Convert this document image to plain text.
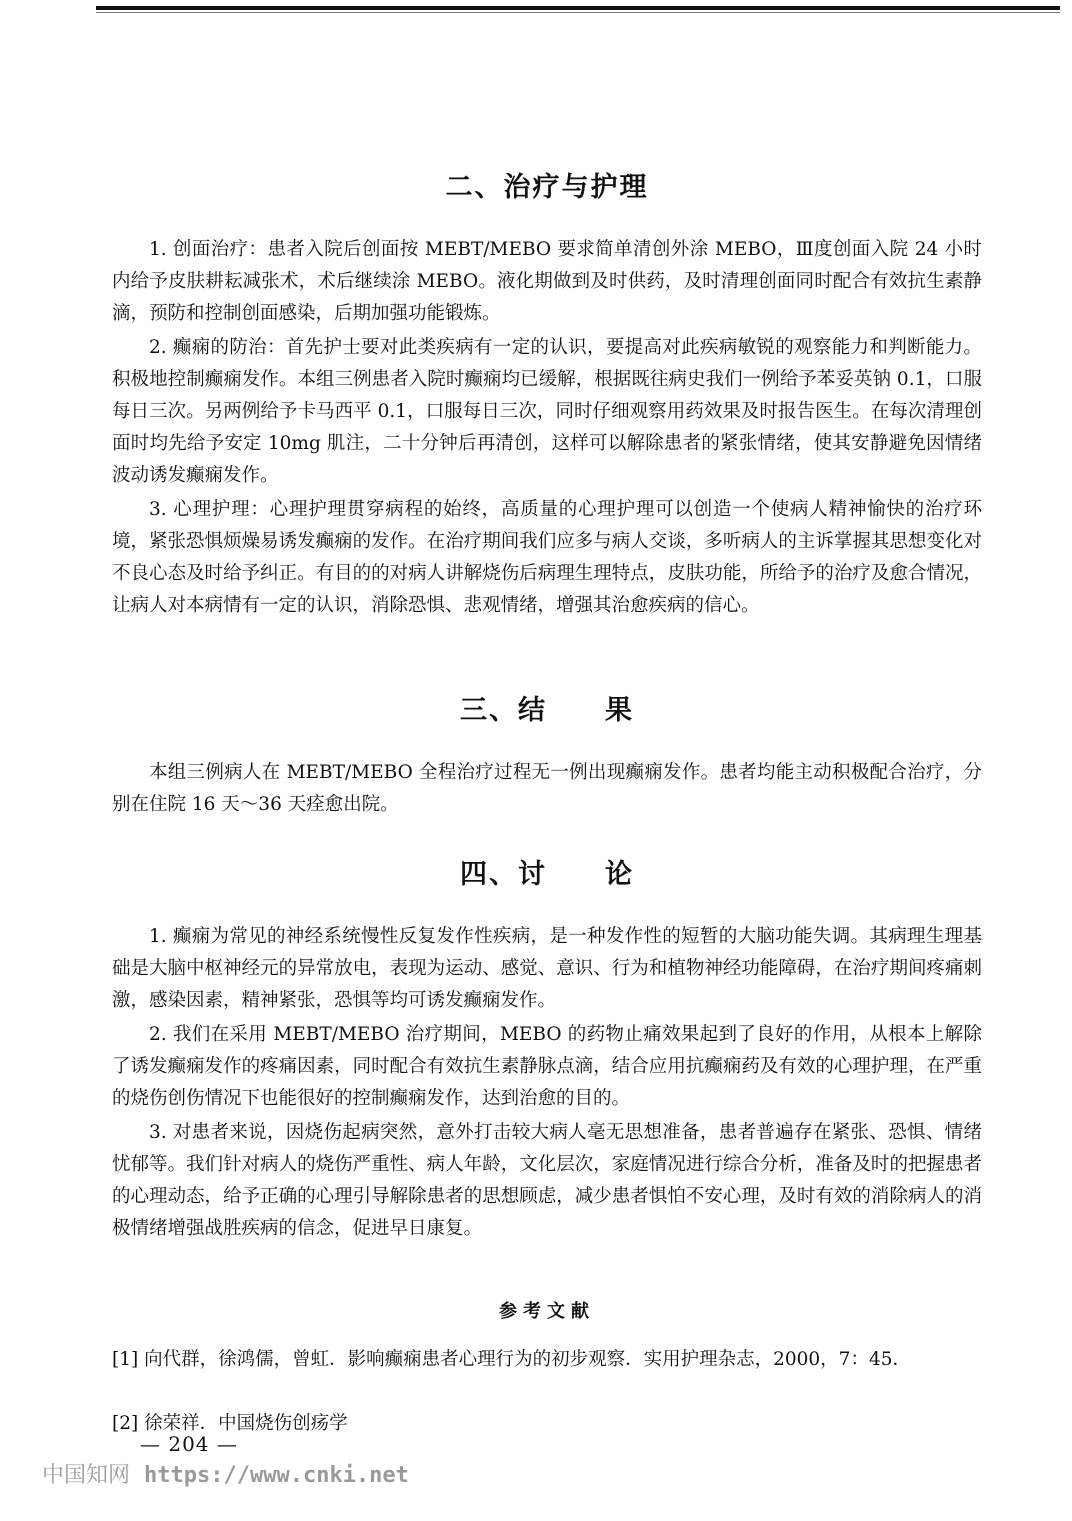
二、治疗与护理

1. 创面治疗：患者入院后创面按 MEBT/MEBO 要求简单清创外涂 MEBO，Ⅲ度创面入院 24 小时内给予皮肤耕耘减张术，术后继续涂 MEBO。液化期做到及时供药，及时清理创面同时配合有效抗生素静滴，预防和控制创面感染，后期加强功能锻炼。

2. 癫痫的防治：首先护士要对此类疾病有一定的认识，要提高对此疾病敏锐的观察能力和判断能力。积极地控制癫痫发作。本组三例患者入院时癫痫均已缓解，根据既往病史我们一例给予苯妥英钠 0.1，口服每日三次。另两例给予卡马西平 0.1，口服每日三次，同时仔细观察用药效果及时报告医生。在每次清理创面时均先给予安定 10mg 肌注，二十分钟后再清创，这样可以解除患者的紧张情绪，使其安静避免因情绪波动诱发癫痫发作。

3. 心理护理：心理护理贯穿病程的始终，高质量的心理护理可以创造一个使病人精神愉快的治疗环境，紧张恐惧烦燥易诱发癫痫的发作。在治疗期间我们应多与病人交谈，多听病人的主诉掌握其思想变化对不良心态及时给予纠正。有目的的对病人讲解烧伤后病理生理特点，皮肤功能，所给予的治疗及愈合情况，让病人对本病情有一定的认识，消除恐惧、悲观情绪，增强其治愈疾病的信心。

三、结　　果

本组三例病人在 MEBT/MEBO 全程治疗过程无一例出现癫痫发作。患者均能主动积极配合治疗，分别在住院 16 天～36 天痊愈出院。

四、讨　　论

1. 癫痫为常见的神经系统慢性反复发作性疾病，是一种发作性的短暂的大脑功能失调。其病理生理基础是大脑中枢神经元的异常放电，表现为运动、感觉、意识、行为和植物神经功能障碍，在治疗期间疼痛刺激，感染因素，精神紧张，恐惧等均可诱发癫痫发作。

2. 我们在采用 MEBT/MEBO 治疗期间，MEBO 的药物止痛效果起到了良好的作用，从根本上解除了诱发癫痫发作的疼痛因素，同时配合有效抗生素静脉点滴，结合应用抗癫痫药及有效的心理护理，在严重的烧伤创伤情况下也能很好的控制癫痫发作，达到治愈的目的。

3. 对患者来说，因烧伤起病突然，意外打击较大病人毫无思想准备，患者普遍存在紧张、恐惧、情绪忧郁等。我们针对病人的烧伤严重性、病人年龄，文化层次，家庭情况进行综合分析，准备及时的把握患者的心理动态，给予正确的心理引导解除患者的思想顾虑，减少患者惧怕不安心理，及时有效的消除病人的消极情绪增强战胜疾病的信念，促进早日康复。

参考文献

[1] 向代群，徐鸿儒，曾虹．影响癫痫患者心理行为的初步观察．实用护理杂志，2000，7：45．

[2] 徐荣祥．中国烧伤创疡学

— 204 —
中国知网 https://www.cnki.net
